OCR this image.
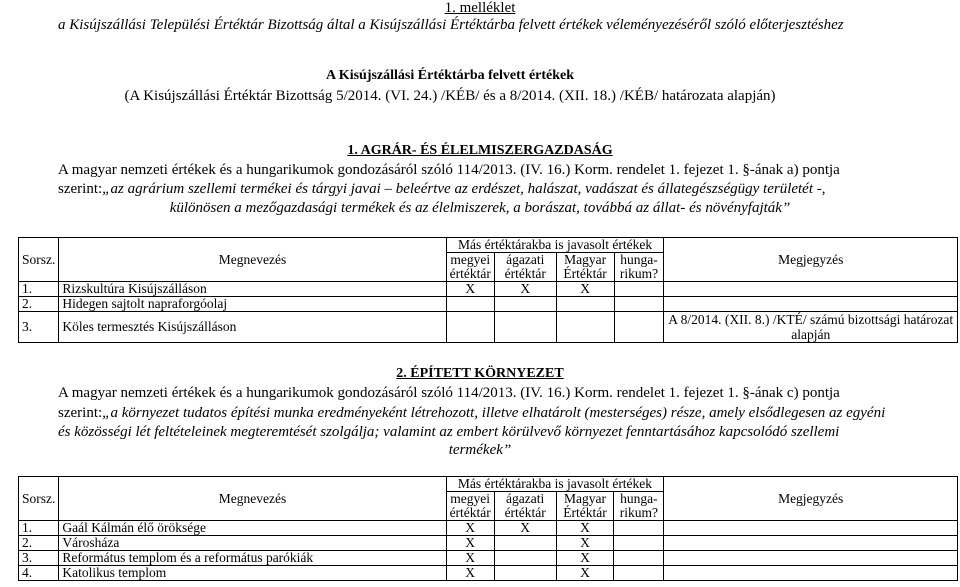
1. melléklet
a Kisújszállási Települési Értéktár Bizottság által a Kisújszállási Értéktárba felvett értékek véleményezéséről szóló előterjesztéshez
A Kisújszállási Értéktárba felvett értékek
(A Kisújszállási Értéktár Bizottság 5/2014. (VI. 24.) /KÉB/ és a 8/2014. (XII. 18.) /KÉB/ határozata alapján)
1. AGRÁR- ÉS ÉLELMISZERGAZDASÁG
A magyar nemzeti értékek és a hungarikumok gondozásáról szóló 114/2013. (IV. 16.) Korm. rendelet 1. fejezet 1. §-ának a) pontja
szerint:„az agrárium szellemi termékei és tárgyi javai – beleértve az erdészet, halászat, vadászat és állategészségügy területét -,
különösen a mezőgazdasági termékek és az élelmiszerek, a borászat, továbbá az állat- és növényfajták”
Sorsz.	Megnevezés	Más értéktárakba is javasolt értékek				Megjegyzés
		megyei értéktár	ágazati értéktár	Magyar Értéktár	hunga- rikum?	
1.	Rizskultúra Kisújszálláson	X	X	X		
2.	Hidegen sajtolt napraforgóolaj					
3.	Köles termesztés Kisújszálláson					A 8/2014. (XII. 8.) /KTÉ/ számú bizottsági határozat alapján
2. ÉPÍTETT KÖRNYEZET
A magyar nemzeti értékek és a hungarikumok gondozásáról szóló 114/2013. (IV. 16.) Korm. rendelet 1. fejezet 1. §-ának c) pontja
szerint:„a környezet tudatos építési munka eredményeként létrehozott, illetve elhatárolt (mesterséges) része, amely elsődlegesen az egyéni
és közösségi lét feltételeinek megteremtését szolgálja; valamint az embert körülvevő környezet fenntartásához kapcsolódó szellemi
termékek”
Sorsz.	Megnevezés	Más értéktárakba is javasolt értékek				Megjegyzés
		megyei értéktár	ágazati értéktár	Magyar Értéktár	hunga- rikum?	
1.	Gaál Kálmán élő öröksége	X	X	X		
2.	Városháza	X		X		
3.	Református templom és a református parókiák	X		X		
4.	Katolikus templom	X		X		
